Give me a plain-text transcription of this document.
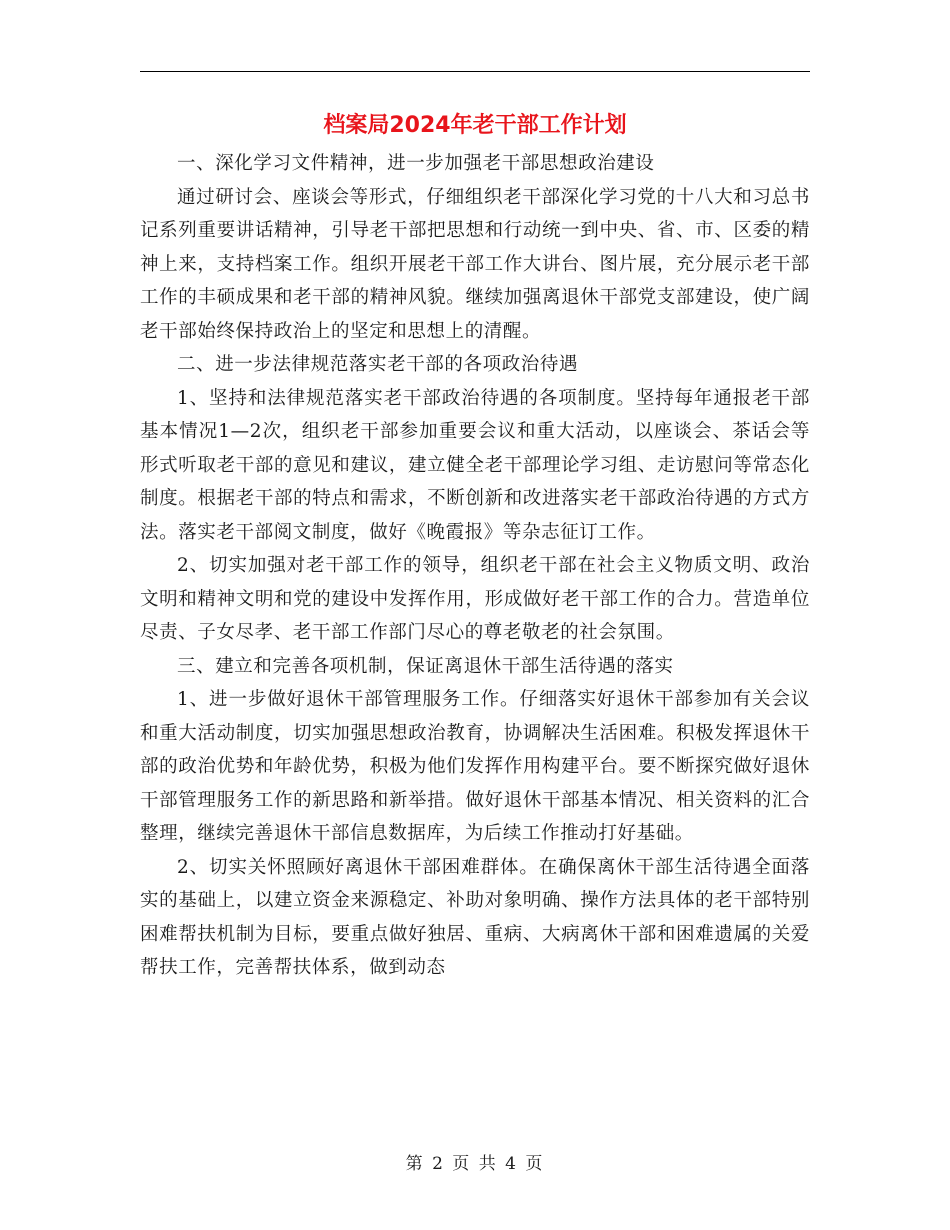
档案局2024年老干部工作计划

一、深化学习文件精神，进一步加强老干部思想政治建设

通过研讨会、座谈会等形式，仔细组织老干部深化学习党的十八大和习总书记系列重要讲话精神，引导老干部把思想和行动统一到中央、省、市、区委的精神上来，支持档案工作。组织开展老干部工作大讲台、图片展，充分展示老干部工作的丰硕成果和老干部的精神风貌。继续加强离退休干部党支部建设，使广阔老干部始终保持政治上的坚定和思想上的清醒。

二、进一步法律规范落实老干部的各项政治待遇

1、坚持和法律规范落实老干部政治待遇的各项制度。坚持每年通报老干部基本情况1—2次，组织老干部参加重要会议和重大活动，以座谈会、茶话会等形式听取老干部的意见和建议，建立健全老干部理论学习组、走访慰问等常态化制度。根据老干部的特点和需求，不断创新和改进落实老干部政治待遇的方式方法。落实老干部阅文制度，做好《晚霞报》等杂志征订工作。

2、切实加强对老干部工作的领导，组织老干部在社会主义物质文明、政治文明和精神文明和党的建设中发挥作用，形成做好老干部工作的合力。营造单位尽责、子女尽孝、老干部工作部门尽心的尊老敬老的社会氛围。

三、建立和完善各项机制，保证离退休干部生活待遇的落实

1、进一步做好退休干部管理服务工作。仔细落实好退休干部参加有关会议和重大活动制度，切实加强思想政治教育，协调解决生活困难。积极发挥退休干部的政治优势和年龄优势，积极为他们发挥作用构建平台。要不断探究做好退休干部管理服务工作的新思路和新举措。做好退休干部基本情况、相关资料的汇合整理，继续完善退休干部信息数据库，为后续工作推动打好基础。

2、切实关怀照顾好离退休干部困难群体。在确保离休干部生活待遇全面落实的基础上，以建立资金来源稳定、补助对象明确、操作方法具体的老干部特别困难帮扶机制为目标，要重点做好独居、重病、大病离休干部和困难遗属的关爱帮扶工作，完善帮扶体系，做到动态

第 2 页 共 4 页
